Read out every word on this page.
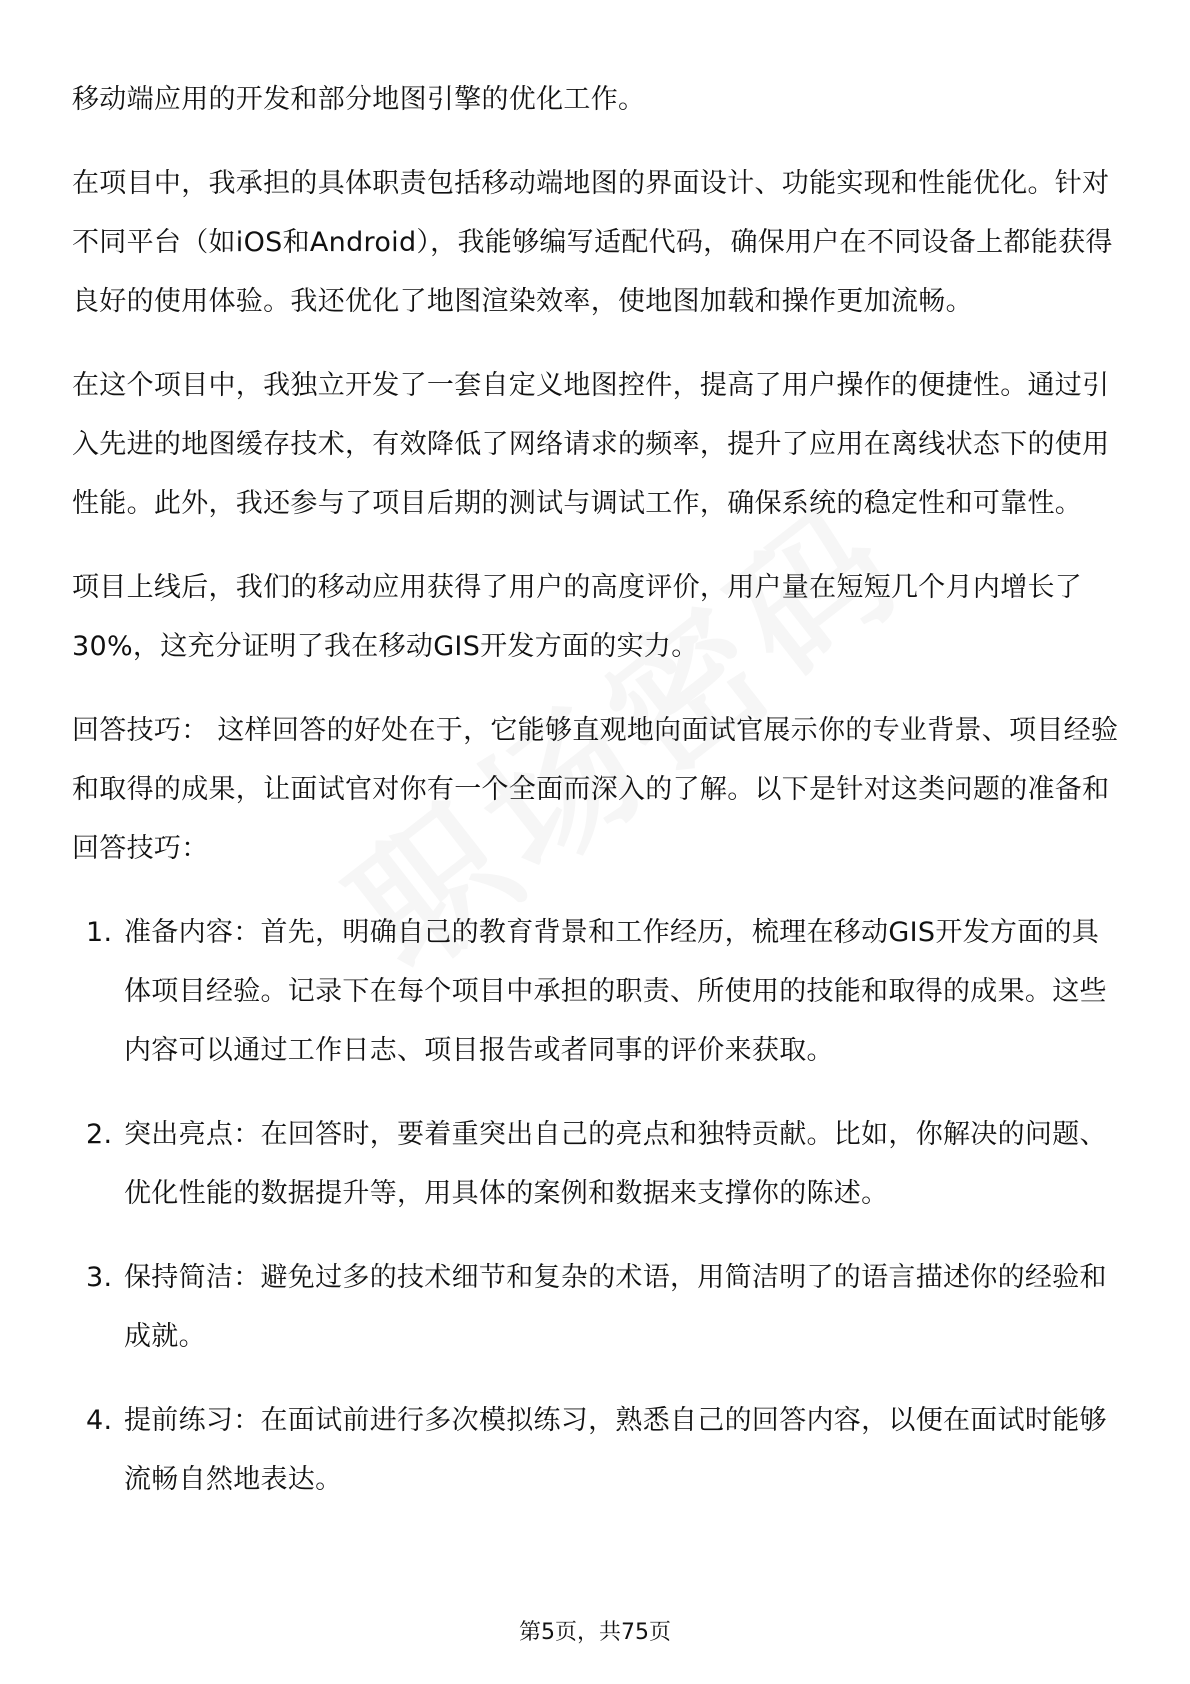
移动端应用的开发和部分地图引擎的优化工作。

在项目中，我承担的具体职责包括移动端地图的界面设计、功能实现和性能优化。针对不同平台（如iOS和Android），我能够编写适配代码，确保用户在不同设备上都能获得良好的使用体验。我还优化了地图渲染效率，使地图加载和操作更加流畅。

在这个项目中，我独立开发了一套自定义地图控件，提高了用户操作的便捷性。通过引入先进的地图缓存技术，有效降低了网络请求的频率，提升了应用在离线状态下的使用性能。此外，我还参与了项目后期的测试与调试工作，确保系统的稳定性和可靠性。

项目上线后，我们的移动应用获得了用户的高度评价，用户量在短短几个月内增长了30%，这充分证明了我在移动GIS开发方面的实力。

回答技巧： 这样回答的好处在于，它能够直观地向面试官展示你的专业背景、项目经验和取得的成果，让面试官对你有一个全面而深入的了解。以下是针对这类问题的准备和回答技巧：

1. 准备内容：首先，明确自己的教育背景和工作经历，梳理在移动GIS开发方面的具体项目经验。记录下在每个项目中承担的职责、所使用的技能和取得的成果。这些内容可以通过工作日志、项目报告或者同事的评价来获取。
2. 突出亮点：在回答时，要着重突出自己的亮点和独特贡献。比如，你解决的问题、优化性能的数据提升等，用具体的案例和数据来支撑你的陈述。
3. 保持简洁：避免过多的技术细节和复杂的术语，用简洁明了的语言描述你的经验和成就。
4. 提前练习：在面试前进行多次模拟练习，熟悉自己的回答内容，以便在面试时能够流畅自然地表达。
第5页，共75页
